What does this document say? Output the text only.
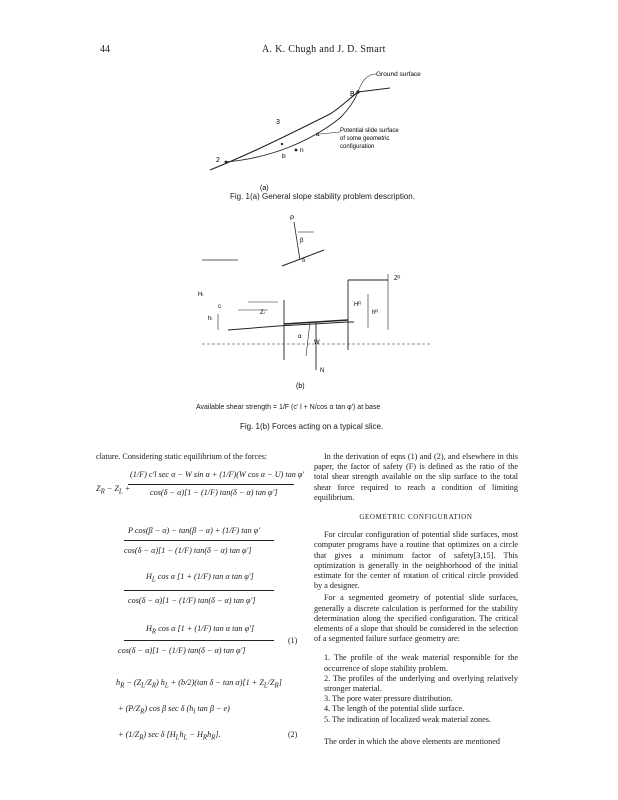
44	A. K. Chugh and J. D. Smart
Ground surface
B
3
2
b
a
n
Potential slide surface of some geometric configuration
(a)
Fig. 1(a) General slope stability problem description.
P
β
δ
Hₗ
hₗ
Zₗ
c	Hᴿ
hᴿ
Zᴿ
W
α
N
(b)
Available shear strength = 1/F (c' l + N/cos α tan φ') at base
Fig. 1(b) Forces acting on a typical slice.

clature. Considering static equilibrium of the forces:

$Z_R - Z_L$ +
(1/F) c′l sec α − W sin α + (1/F)(W cos α − U) tan φ′
cos(δ − α)[1 − (1/F) tan(δ − α) tan φ′]
P cos(β − α) − tan(β − α) + (1/F) tan φ′
cos(δ − α)[1 − (1/F) tan(δ − α) tan φ′]
$H_L$ cos α [1 + (1/F) tan α tan φ′]
cos(δ − α)[1 − (1/F) tan(δ − α) tan φ′]
$H_R$ cos α [1 + (1/F) tan α tan φ′]
cos(δ − α)[1 − (1/F) tan(δ − α) tan φ′]
(1)
$h_R - (Z_L/Z_R) h_L + (b/2)(\tan$ $\delta - \tan \alpha)[1 + Z_L/Z_R]$
+ $(P/Z_R)$ cos β sec δ ($h_l$ tan β − e)
+ $(1/Z_R)$ sec δ $[H_Lh_L - H_Rh_R]$.	(2)

In the derivation of eqns (1) and (2), and elsewhere in this paper, the factor of safety (F) is defined as the ratio of the total shear strength available on the slip surface to the total shear force required to reach a condition of limiting equilibrium.

GEOMETRIC CONFIGURATION

For circular configuration of potential slide surfaces, most computer programs have a routine that optimizes on a circle that gives a minimum factor of safety[3,15]. This optimization is generally in the neighborhood of the initial estimate for the center of rotation of critical circle provided by a designer.

For a segmented geometry of potential slide surfaces, generally a discrete calculation is performed for the stability determination along the specified configuration. The critical elements of a slope that should be considered in the selection of a segmented failure surface geometry are:

1. The profile of the weak material responsible for the occurrence of slope stability problem.

2. The profiles of the underlying and overlying relatively stronger material.

3. The pore water pressure distribution.

4. The length of the potential slide surface.

5. The indication of localized weak material zones.

The order in which the above elements are mentioned
